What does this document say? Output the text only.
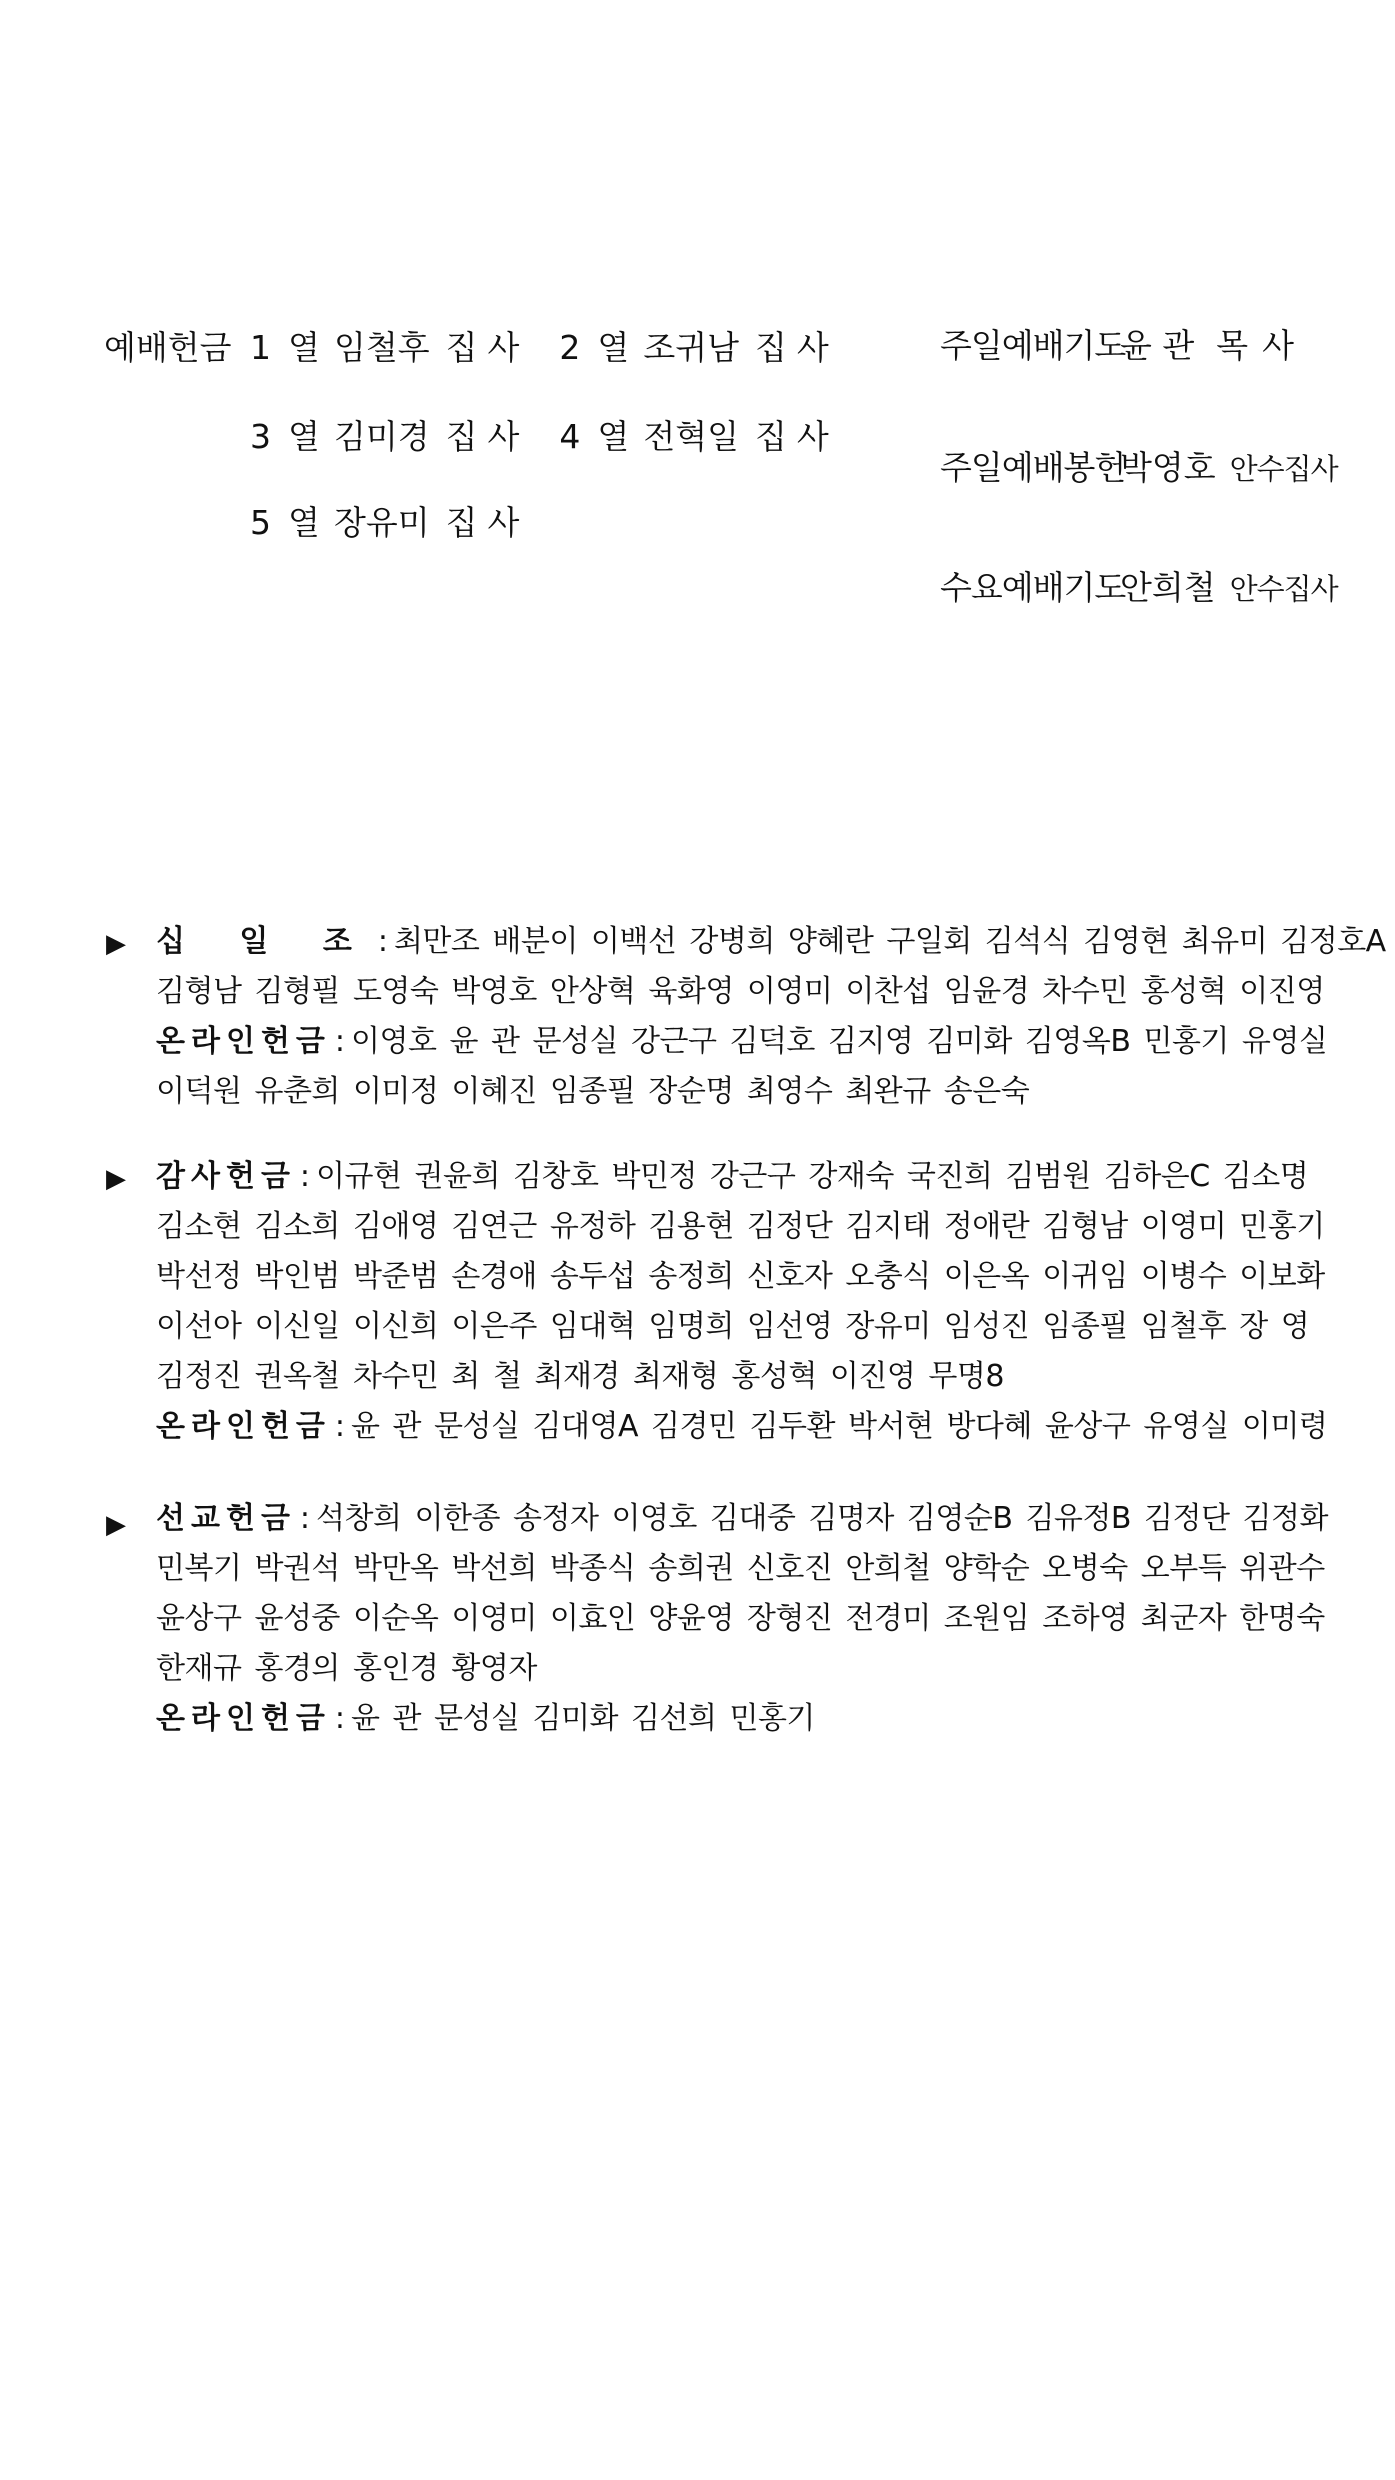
예배헌금 1 열 임철후 집사 2 열 조귀남 집사
3 열 김미경 집사 4 열 전혁일 집사
5 열 장유미 집사
주일예배기도
윤 관 목사
주일예배봉헌
박영호 안수집사
수요예배기도
안희철 안수집사
▶ 십 일 조 : 최만조 배분이 이백선 강병희 양혜란 구일회 김석식 김영현 최유미 김정호A
김형남 김형필 도영숙 박영호 안상혁 육화영 이영미 이찬섭 임윤경 차수민 홍성혁 이진영
온라인헌금 : 이영호 윤 관 문성실 강근구 김덕호 김지영 김미화 김영옥B 민홍기 유영실
이덕원 유춘희 이미정 이혜진 임종필 장순명 최영수 최완규 송은숙
▶ 감사헌금 : 이규현 권윤희 김창호 박민정 강근구 강재숙 국진희 김범원 김하은C 김소명
김소현 김소희 김애영 김연근 유정하 김용현 김정단 김지태 정애란 김형남 이영미 민홍기
박선정 박인범 박준범 손경애 송두섭 송정희 신호자 오충식 이은옥 이귀임 이병수 이보화
이선아 이신일 이신희 이은주 임대혁 임명희 임선영 장유미 임성진 임종필 임철후 장 영
김정진 권옥철 차수민 최 철 최재경 최재형 홍성혁 이진영 무명8
온라인헌금 : 윤 관 문성실 김대영A 김경민 김두환 박서현 방다혜 윤상구 유영실 이미령
▶ 선교헌금 : 석창희 이한종 송정자 이영호 김대중 김명자 김영순B 김유정B 김정단 김정화
민복기 박권석 박만옥 박선희 박종식 송희권 신호진 안희철 양학순 오병숙 오부득 위관수
윤상구 윤성중 이순옥 이영미 이효인 양윤영 장형진 전경미 조원임 조하영 최군자 한명숙
한재규 홍경의 홍인경 황영자
온라인헌금 : 윤 관 문성실 김미화 김선희 민홍기
